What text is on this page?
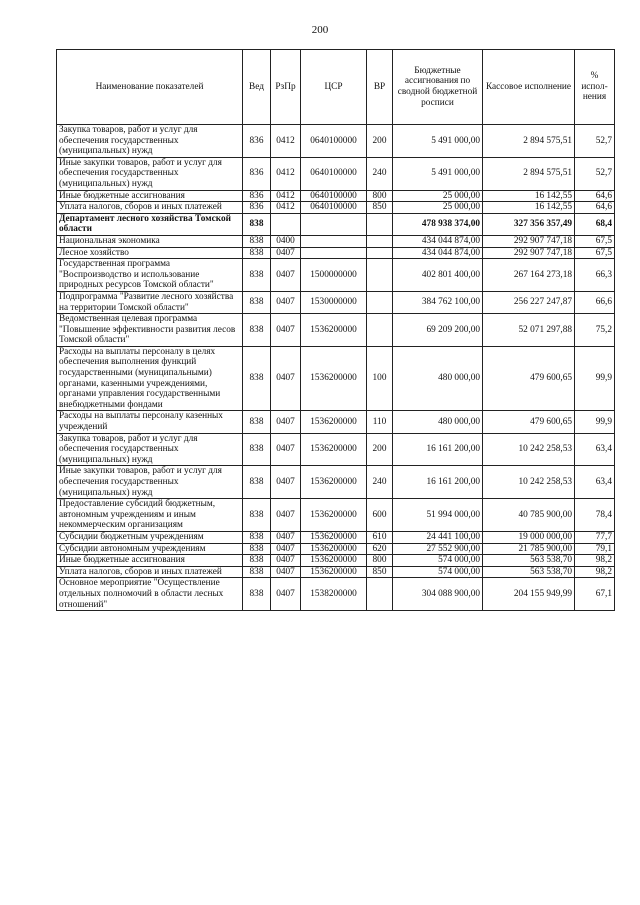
200
Наименование показателей	Вед	РзПр	ЦСР	ВР	Бюджетные ассигнования по сводной бюджетной росписи	Кассовое исполнение	% испол-нения
Закупка товаров, работ и услуг для обеспечения государственных (муниципальных) нужд	836	0412	0640100000	200	5 491 000,00	2 894 575,51	52,7
Иные закупки товаров, работ и услуг для обеспечения государственных (муниципальных) нужд	836	0412	0640100000	240	5 491 000,00	2 894 575,51	52,7
Иные бюджетные ассигнования	836	0412	0640100000	800	25 000,00	16 142,55	64,6
Уплата налогов, сборов и иных платежей	836	0412	0640100000	850	25 000,00	16 142,55	64,6
Департамент лесного хозяйства Томской области	838				478 938 374,00	327 356 357,49	68,4
Национальная экономика	838	0400			434 044 874,00	292 907 747,18	67,5
Лесное хозяйство	838	0407			434 044 874,00	292 907 747,18	67,5
Государственная программа "Воспроизводство и использование природных ресурсов Томской области"	838	0407	1500000000		402 801 400,00	267 164 273,18	66,3
Подпрограмма "Развитие лесного хозяйства на территории Томской области"	838	0407	1530000000		384 762 100,00	256 227 247,87	66,6
Ведомственная целевая программа "Повышение эффективности развития лесов Томской области"	838	0407	1536200000		69 209 200,00	52 071 297,88	75,2
Расходы на выплаты персоналу в целях обеспечения выполнения функций государственными (муниципальными) органами, казенными учреждениями, органами управления государственными внебюджетными фондами	838	0407	1536200000	100	480 000,00	479 600,65	99,9
Расходы на выплаты персоналу казенных учреждений	838	0407	1536200000	110	480 000,00	479 600,65	99,9
Закупка товаров, работ и услуг для обеспечения государственных (муниципальных) нужд	838	0407	1536200000	200	16 161 200,00	10 242 258,53	63,4
Иные закупки товаров, работ и услуг для обеспечения государственных (муниципальных) нужд	838	0407	1536200000	240	16 161 200,00	10 242 258,53	63,4
Предоставление субсидий бюджетным, автономным учреждениям и иным некоммерческим организациям	838	0407	1536200000	600	51 994 000,00	40 785 900,00	78,4
Субсидии бюджетным учреждениям	838	0407	1536200000	610	24 441 100,00	19 000 000,00	77,7
Субсидии автономным учреждениям	838	0407	1536200000	620	27 552 900,00	21 785 900,00	79,1
Иные бюджетные ассигнования	838	0407	1536200000	800	574 000,00	563 538,70	98,2
Уплата налогов, сборов и иных платежей	838	0407	1536200000	850	574 000,00	563 538,70	98,2
Основное мероприятие "Осуществление отдельных полномочий в области лесных отношений"	838	0407	1538200000		304 088 900,00	204 155 949,99	67,1
